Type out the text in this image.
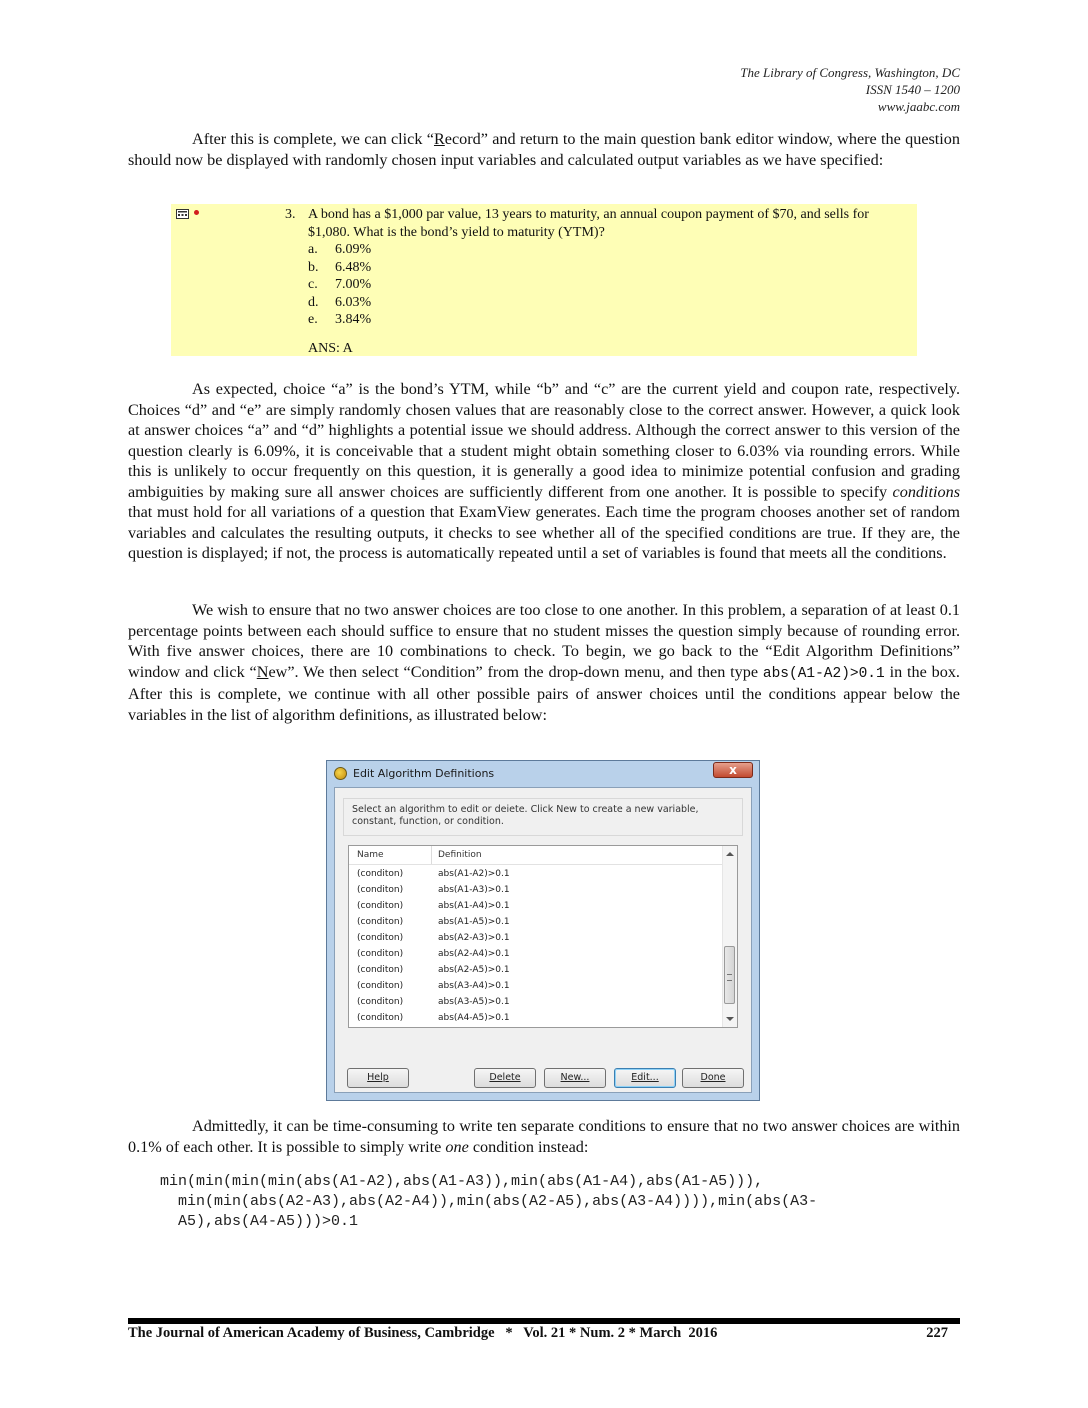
The Library of Congress, Washington, DC
ISSN 1540 – 1200
www.jaabc.com

After this is complete, we can click “Record” and return to the main question bank editor window, where the question should now be displayed with randomly chosen input variables and calculated output variables as we have specified:

3. A bond has a $1,000 par value, 13 years to maturity, an annual coupon payment of $70, and sells for $1,080. What is the bond’s yield to maturity (YTM)?
a. 6.09%
b. 6.48%
c. 7.00%
d. 6.03%
e. 3.84%
ANS: A

As expected, choice “a” is the bond’s YTM, while “b” and “c” are the current yield and coupon rate, respectively. Choices “d” and “e” are simply randomly chosen values that are reasonably close to the correct answer. However, a quick look at answer choices “a” and “d” highlights a potential issue we should address. Although the correct answer to this version of the question clearly is 6.09%, it is conceivable that a student might obtain something closer to 6.03% via rounding errors. While this is unlikely to occur frequently on this question, it is generally a good idea to minimize potential confusion and grading ambiguities by making sure all answer choices are sufficiently different from one another. It is possible to specify conditions that must hold for all variations of a question that ExamView generates. Each time the program chooses another set of random variables and calculates the resulting outputs, it checks to see whether all of the specified conditions are true. If they are, the question is displayed; if not, the process is automatically repeated until a set of variables is found that meets all the conditions.

We wish to ensure that no two answer choices are too close to one another. In this problem, a separation of at least 0.1 percentage points between each should suffice to ensure that no student misses the question simply because of rounding error. With five answer choices, there are 10 combinations to check. To begin, we go back to the “Edit Algorithm Definitions” window and click “New”. We then select “Condition” from the drop-down menu, and then type abs(A1-A2)>0.1 in the box. After this is complete, we continue with all other possible pairs of answer choices until the conditions appear below the variables in the list of algorithm definitions, as illustrated below:

Edit Algorithm Definitions	x
Select an algorithm to edit or deiete. Click New to create a new variable, constant, function, or condition.
Name	Definition
(conditon)	abs(A1-A2)>0.1
(conditon)	abs(A1-A3)>0.1
(conditon)	abs(A1-A4)>0.1
(conditon)	abs(A1-A5)>0.1
(conditon)	abs(A2-A3)>0.1
(conditon)	abs(A2-A4)>0.1
(conditon)	abs(A2-A5)>0.1
(conditon)	abs(A3-A4)>0.1
(conditon)	abs(A3-A5)>0.1
(conditon)	abs(A4-A5)>0.1
Help	Delete	New...	Edit...	Done

Admittedly, it can be time-consuming to write ten separate conditions to ensure that no two answer choices are within 0.1% of each other. It is possible to simply write one condition instead:

min(min(min(min(abs(A1-A2),abs(A1-A3)),min(abs(A1-A4),abs(A1-A5))),
min(min(abs(A2-A3),abs(A2-A4)),min(abs(A2-A5),abs(A3-A4)))),min(abs(A3-
A5),abs(A4-A5)))>0.1
The Journal of American Academy of Business, Cambridge   *   Vol. 21 * Num. 2 * March  2016	227
